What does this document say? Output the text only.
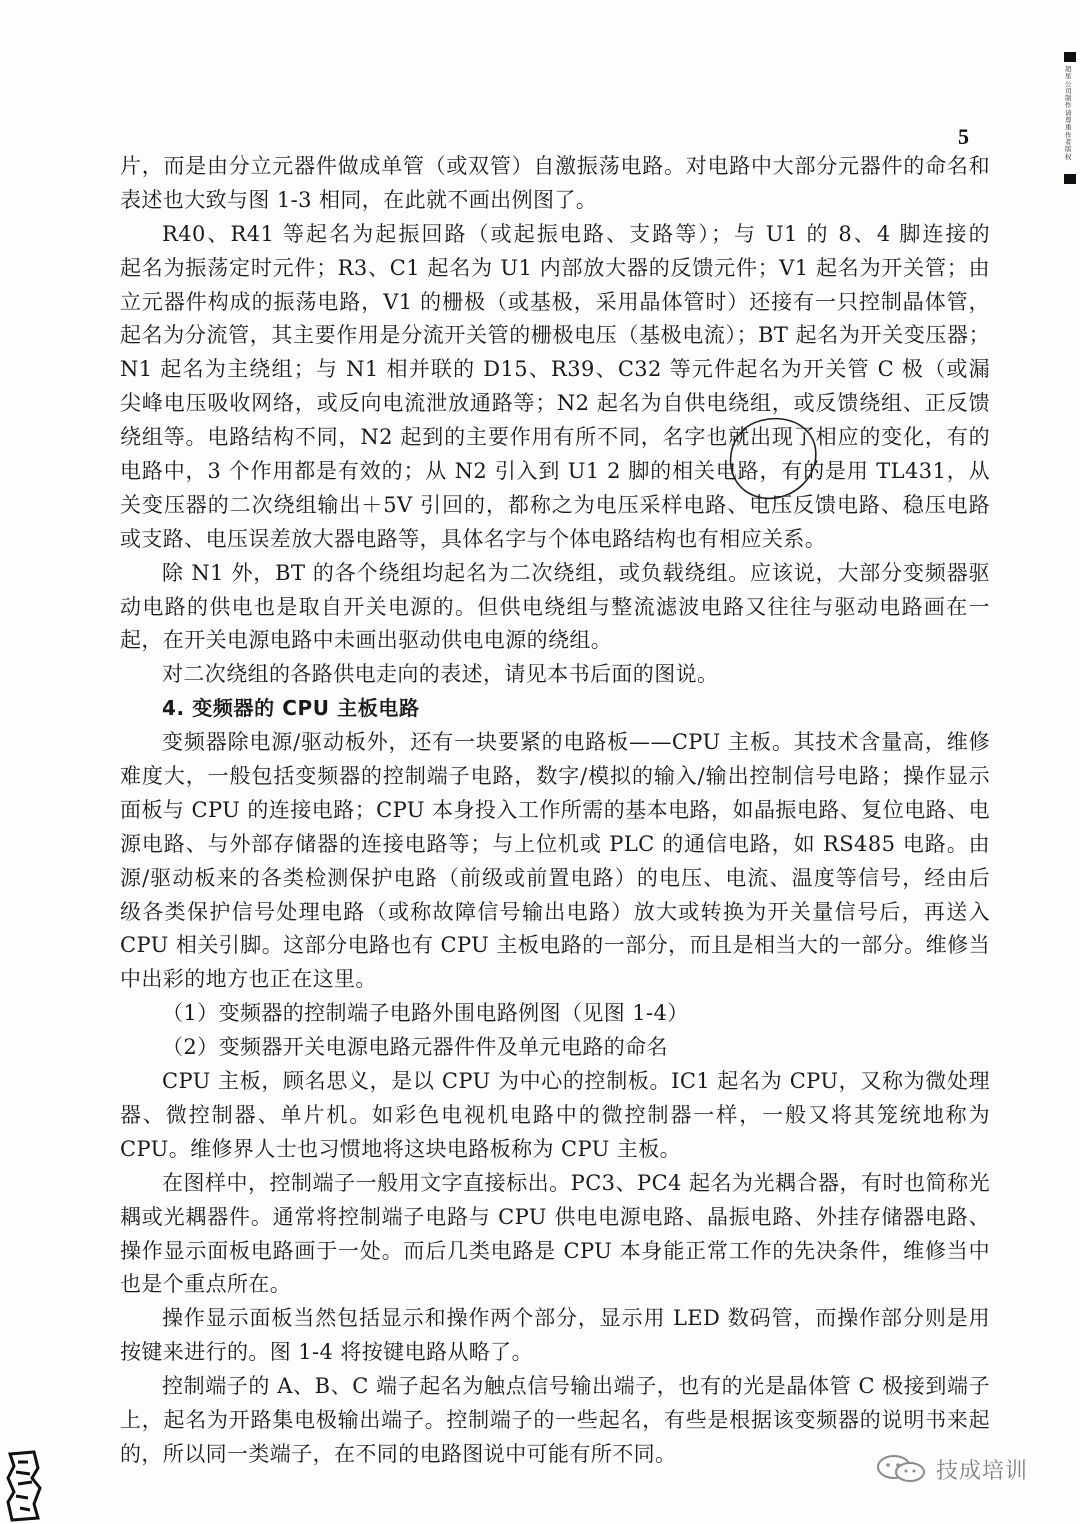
超星公司制作请尊重作者版权
5
片，而是由分立元器件做成单管（或双管）自激振荡电路。对电路中大部分元器件的命名和
表述也大致与图 1-3 相同，在此就不画出例图了。
R40、R41 等起名为起振回路（或起振电路、支路等）；与 U1 的 8、4 脚连接的
起名为振荡定时元件；R3、C1 起名为 U1 内部放大器的反馈元件；V1 起名为开关管；由
立元器件构成的振荡电路，V1 的栅极（或基极，采用晶体管时）还接有一只控制晶体管，
起名为分流管，其主要作用是分流开关管的栅极电压（基极电流）；BT 起名为开关变压器；
N1 起名为主绕组；与 N1 相并联的 D15、R39、C32 等元件起名为开关管 C 极（或漏
尖峰电压吸收网络，或反向电流泄放通路等；N2 起名为自供电绕组，或反馈绕组、正反馈
绕组等。电路结构不同，N2 起到的主要作用有所不同，名字也就出现了相应的变化，有的
电路中，3 个作用都是有效的；从 N2 引入到 U1 2 脚的相关电路，有的是用 TL431，从
关变压器的二次绕组输出＋5V 引回的，都称之为电压采样电路、电压反馈电路、稳压电路
或支路、电压误差放大器电路等，具体名字与个体电路结构也有相应关系。
除 N1 外，BT 的各个绕组均起名为二次绕组，或负载绕组。应该说，大部分变频器驱
动电路的供电也是取自开关电源的。但供电绕组与整流滤波电路又往往与驱动电路画在一
起，在开关电源电路中未画出驱动供电电源的绕组。
对二次绕组的各路供电走向的表述，请见本书后面的图说。
4. 变频器的 CPU 主板电路
变频器除电源/驱动板外，还有一块要紧的电路板——CPU 主板。其技术含量高，维修
难度大，一般包括变频器的控制端子电路，数字/模拟的输入/输出控制信号电路；操作显示
面板与 CPU 的连接电路；CPU 本身投入工作所需的基本电路，如晶振电路、复位电路、电
源电路、与外部存储器的连接电路等；与上位机或 PLC 的通信电路，如 RS485 电路。由
源/驱动板来的各类检测保护电路（前级或前置电路）的电压、电流、温度等信号，经由后
级各类保护信号处理电路（或称故障信号输出电路）放大或转换为开关量信号后，再送入
CPU 相关引脚。这部分电路也有 CPU 主板电路的一部分，而且是相当大的一部分。维修当
中出彩的地方也正在这里。
（1）变频器的控制端子电路外围电路例图（见图 1-4）
（2）变频器开关电源电路元器件件及单元电路的命名
CPU 主板，顾名思义，是以 CPU 为中心的控制板。IC1 起名为 CPU，又称为微处理
器、微控制器、单片机。如彩色电视机电路中的微控制器一样，一般又将其笼统地称为
CPU。维修界人士也习惯地将这块电路板称为 CPU 主板。
在图样中，控制端子一般用文字直接标出。PC3、PC4 起名为光耦合器，有时也简称光
耦或光耦器件。通常将控制端子电路与 CPU 供电电源电路、晶振电路、外挂存储器电路、
操作显示面板电路画于一处。而后几类电路是 CPU 本身能正常工作的先决条件，维修当中
也是个重点所在。
操作显示面板当然包括显示和操作两个部分，显示用 LED 数码管，而操作部分则是用
按键来进行的。图 1-4 将按键电路从略了。
控制端子的 A、B、C 端子起名为触点信号输出端子，也有的光是晶体管 C 极接到端子
上，起名为开路集电极输出端子。控制端子的一些起名，有些是根据该变频器的说明书来起
的，所以同一类端子，在不同的电路图说中可能有所不同。
技成培训
